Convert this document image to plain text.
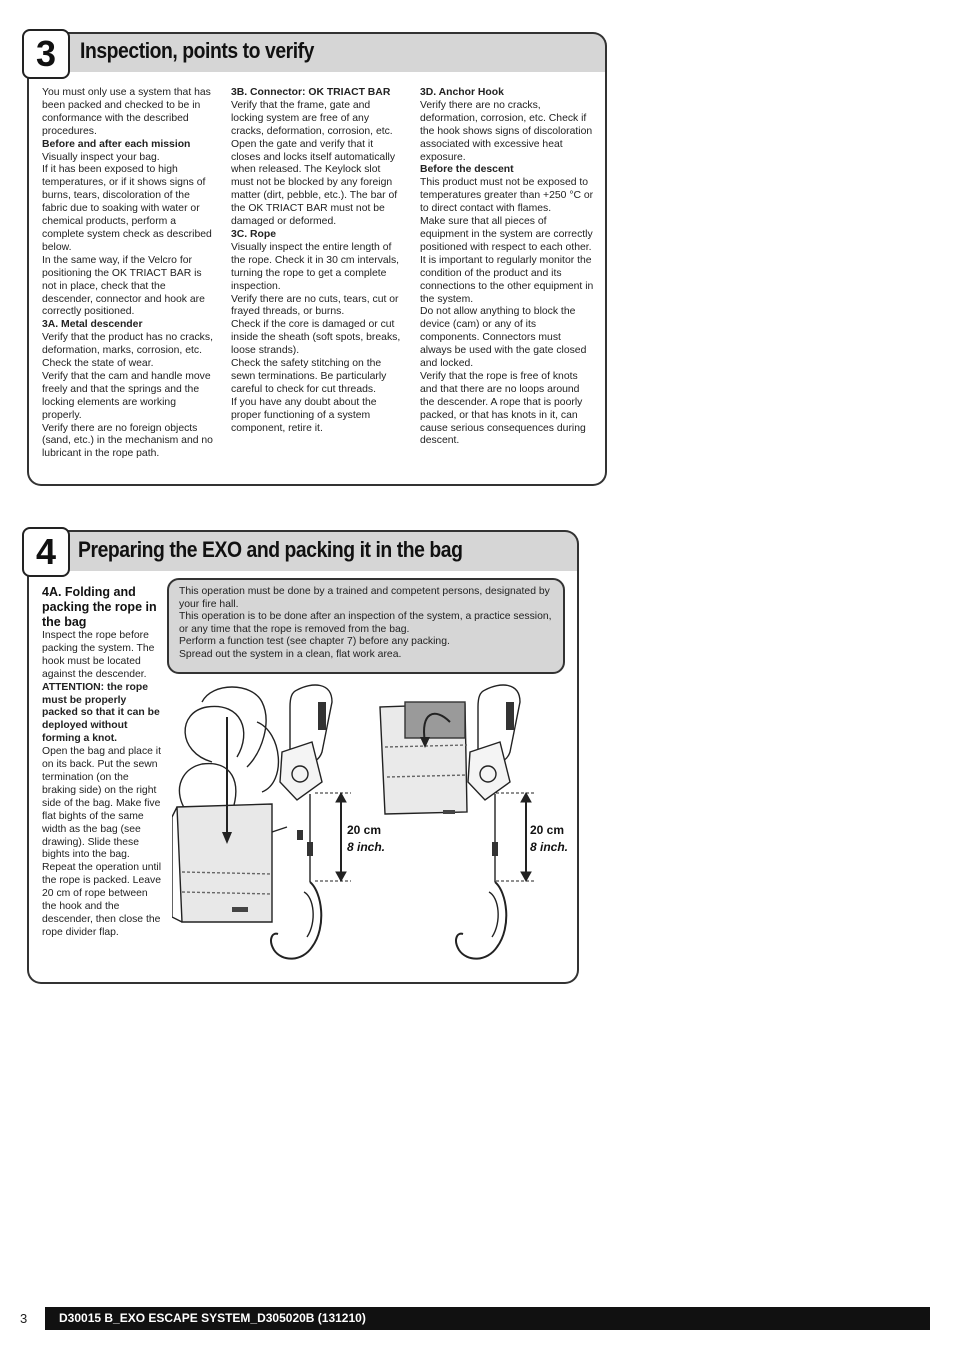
3	Inspection, points to verify

You must only use a system that has been packed and checked to be in conformance with the described procedures.

Before and after each mission

Visually inspect your bag.

If it has been exposed to high temperatures, or if it shows signs of burns, tears, discoloration of the fabric due to soaking with water or chemical products, perform a complete system check as described below.

In the same way, if the Velcro for positioning the OK TRIACT BAR is not in place, check that the descender, connector and hook are correctly positioned.

3A. Metal descender

Verify that the product has no cracks, deformation, marks, corrosion, etc.

Check the state of wear.

Verify that the cam and handle move freely and that the springs and the locking elements are working properly.

Verify there are no foreign objects (sand, etc.) in the mechanism and no lubricant in the rope path.

3B. Connector: OK TRIACT BAR

Verify that the frame, gate and locking system are free of any cracks, deformation, corrosion, etc. Open the gate and verify that it closes and locks itself automatically when released. The Keylock slot must not be blocked by any foreign matter (dirt, pebble, etc.). The bar of the OK TRIACT BAR must not be damaged or deformed.

3C. Rope

Visually inspect the entire length of the rope. Check it in 30 cm intervals, turning the rope to get a complete inspection.

Verify there are no cuts, tears, cut or frayed threads, or burns.

Check if the core is damaged or cut inside the sheath (soft spots, breaks, loose strands).

Check the safety stitching on the sewn terminations. Be particularly careful to check for cut threads.

If you have any doubt about the proper functioning of a system component, retire it.

3D. Anchor Hook

Verify there are no cracks, deformation, corrosion, etc. Check if the hook shows signs of discoloration associated with excessive heat exposure.

Before the descent

This product must not be exposed to temperatures greater than +250 °C or to direct contact with flames.

Make sure that all pieces of equipment in the system are correctly positioned with respect to each other.

It is important to regularly monitor the condition of the product and its connections to the other equipment in the system.

Do not allow anything to block the device (cam) or any of its components. Connectors must always be used with the gate closed and locked.

Verify that the rope is free of knots and that there are no loops around the descender. A rope that is poorly packed, or that has knots in it, can cause serious consequences during descent.

4 Preparing the EXO and packing it in the bag
4A. Folding and packing the rope in the bag

Inspect the rope before packing the system. The hook must be located against the descender.

ATTENTION: the rope must be properly packed so that it can be deployed without forming a knot.

Open the bag and place it on its back. Put the sewn termination (on the braking side) on the right side of the bag. Make five flat bights of the same width as the bag (see drawing). Slide these bights into the bag. Repeat the operation until the rope is packed. Leave 20 cm of rope between the hook and the descender, then close the rope divider flap.

This operation must be done by a trained and competent persons, designated by your fire hall.

This operation is to be done after an inspection of the system, a practice session, or any time that the rope is removed from the bag.

Perform a function test (see chapter 7) before any packing.

Spread out the system in a clean, flat work area.

20 cm
8 inch.
20 cm
8 inch.
3	D30015 B_EXO ESCAPE SYSTEM_D305020B (131210)
